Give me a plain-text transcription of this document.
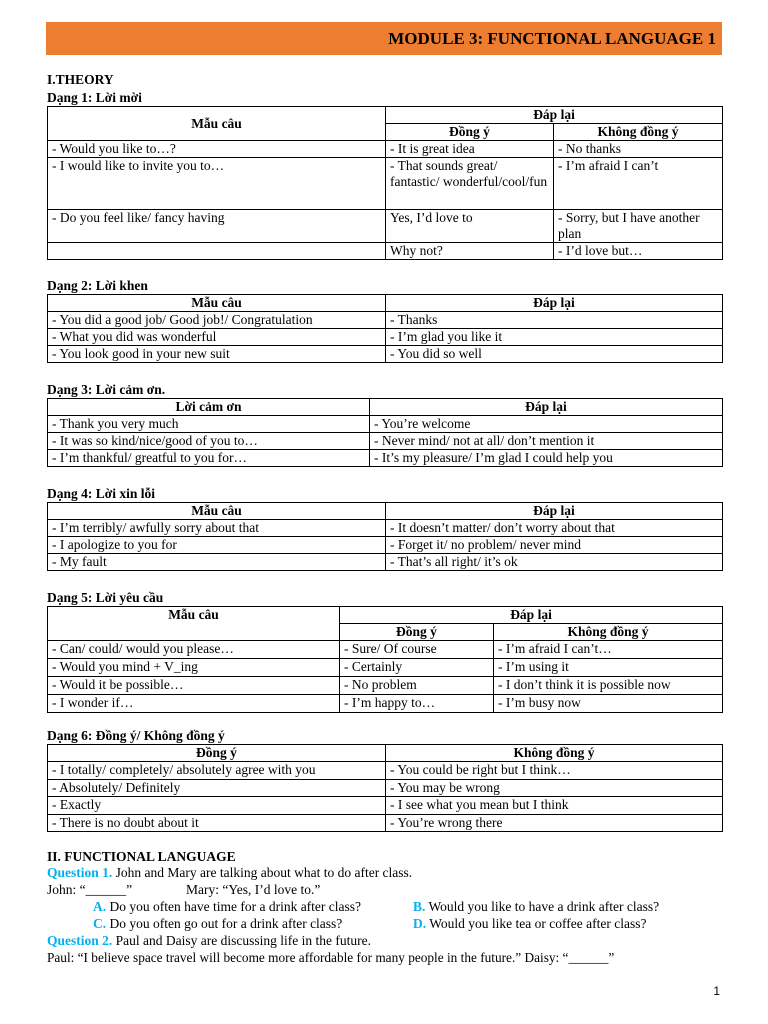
MODULE 3: FUNCTIONAL LANGUAGE 1
I.THEORY
Dạng 1: Lời mời
Mẫu câu	Đáp lại	
	Đồng ý	Không đồng ý
- Would you like to…?	- It is great idea	- No thanks
- I would like to invite you to…	- That sounds great/ fantastic/ wonderful/cool/fun	- I’m afraid I can’t
- Do you feel like/ fancy having	Yes, I’d love to	- Sorry, but I have another plan
	Why not?	- I’d love but…
Dạng 2: Lời khen
Mẫu câu	Đáp lại
- You did a good job/ Good job!/ Congratulation	- Thanks
- What you did was wonderful	- I’m glad you like it
- You look good in your new suit	- You did so well
Dạng 3: Lời cảm ơn.
Lời cảm ơn	Đáp lại
- Thank you very much	- You’re welcome
- It was so kind/nice/good of you to…	- Never mind/ not at all/ don’t mention it
- I’m thankful/ greatful to you for…	- It’s my pleasure/ I’m glad I could help you
Dạng 4: Lời xin lỗi
Mẫu câu	Đáp lại
- I’m terribly/ awfully sorry about that	- It doesn’t matter/ don’t worry about that
- I apologize to you for	- Forget it/ no problem/ never mind
- My fault	- That’s all right/ it’s ok
Dạng 5: Lời yêu cầu
Mẫu câu	Đáp lại	
	Đồng ý	Không đồng ý
- Can/ could/ would you please…	- Sure/ Of course	- I’m afraid I can’t…
- Would you mind + V_ing	- Certainly	- I’m using it
- Would it be possible…	- No problem	- I don’t think it is possible now
- I wonder if…	- I’m happy to…	- I’m busy now
Dạng 6: Đồng ý/ Không đồng ý
Đồng ý	Không đồng ý
- I totally/ completely/ absolutely agree with you	- You could be right but I think…
- Absolutely/ Definitely	- You may be wrong
- Exactly	- I see what you mean but I think
- There is no doubt about it	- You’re wrong there
II. FUNCTIONAL LANGUAGE
Question 1. John and Mary are talking about what to do after class.
John: “______”	Mary: “Yes, I’d love to.”
A. Do you often have time for a drink after class?	B. Would you like to have a drink after class?
C. Do you often go out for a drink after class?	D. Would you like tea or coffee after class?
Question 2. Paul and Daisy are discussing life in the future.
Paul: “I believe space travel will become more affordable for many people in the future.” Daisy: “______”
1
